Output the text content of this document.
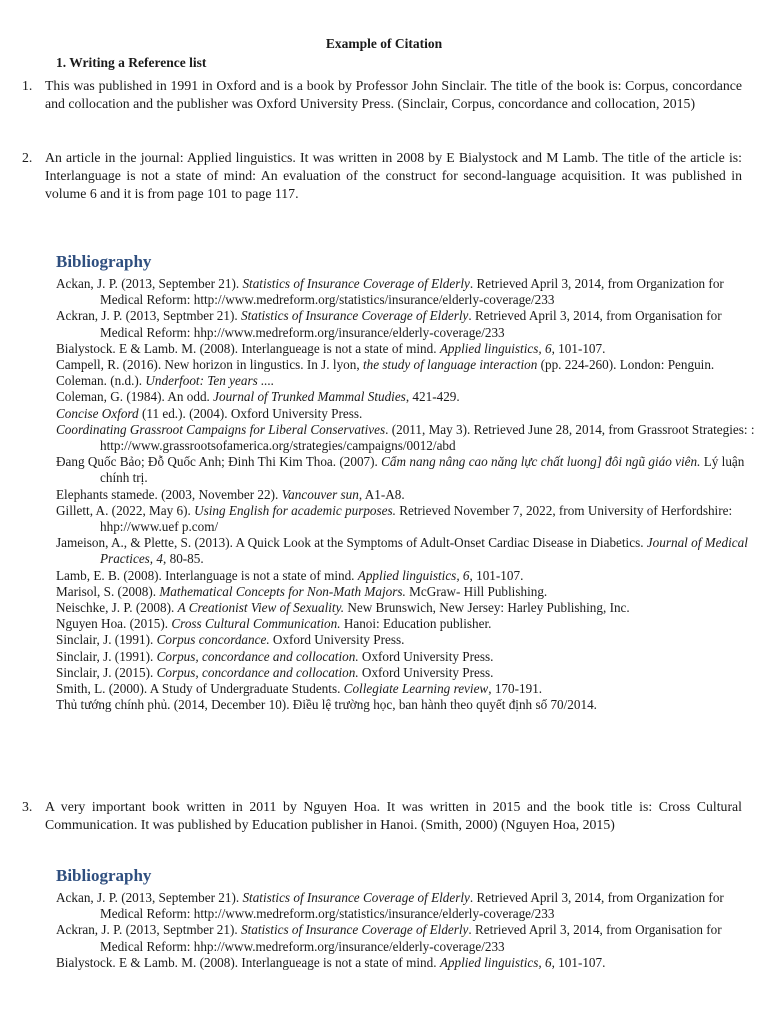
Example of Citation
1. Writing a Reference list
1. This was published in 1991 in Oxford and is a book by Professor John Sinclair. The title of the book is: Corpus, concordance and collocation and the publisher was Oxford University Press. (Sinclair, Corpus, concordance and collocation, 2015)
2. An article in the journal: Applied linguistics. It was written in 2008 by E Bialystock and M Lamb. The title of the article is: Interlanguage is not a state of mind: An evaluation of the construct for second-language acquisition. It was published in volume 6 and it is from page 101 to page 117.
Bibliography

Ackan, J. P. (2013, September 21). Statistics of Insurance Coverage of Elderly. Retrieved April 3, 2014, from Organization for Medical Reform: http://www.medreform.org/statistics/insurance/elderly-coverage/233

Ackran, J. P. (2013, Septmber 21). Statistics of Insurance Coverage of Elderly. Retrieved April 3, 2014, from Organisation for Medical Reform: hhp://www.medreform.org/insurance/elderly-coverage/233

Bialystock. E & Lamb. M. (2008). Interlangueage is not a state of mind. Applied linguistics, 6, 101-107.

Campell, R. (2016). New horizon in lingustics. In J. lyon, the study of language interaction (pp. 224-260). London: Penguin.

Coleman. (n.d.). Underfoot: Ten years ....

Coleman, G. (1984). An odd. Journal of Trunked Mammal Studies, 421-429.

Concise Oxford (11 ed.). (2004). Oxford University Press.

Coordinating Grassroot Campaigns for Liberal Conservatives. (2011, May 3). Retrieved June 28, 2014, from Grassroot Strategies: : http://www.grassrootsofamerica.org/strategies/campaigns/0012/abd

Đang Quốc Bảo; Đỗ Quốc Anh; Đinh Thi Kim Thoa. (2007). Cẩm nang nâng cao năng lực chất luong] đôi ngũ giáo viên. Lý luận chính trị.

Elephants stamede. (2003, November 22). Vancouver sun, A1-A8.

Gillett, A. (2022, May 6). Using English for academic purposes. Retrieved November 7, 2022, from University of Herfordshire: hhp://www.uef p.com/

Jameison, A., & Plette, S. (2013). A Quick Look at the Symptoms of Adult-Onset Cardiac Disease in Diabetics. Journal of Medical Practices, 4, 80-85.

Lamb, E. B. (2008). Interlanguage is not a state of mind. Applied linguistics, 6, 101-107.

Marisol, S. (2008). Mathematical Concepts for Non-Math Majors. McGraw- Hill Publishing.

Neischke, J. P. (2008). A Creationist View of Sexuality. New Brunswich, New Jersey: Harley Publishing, Inc.

Nguyen Hoa. (2015). Cross Cultural Communication. Hanoi: Education publisher.

Sinclair, J. (1991). Corpus concordance. Oxford University Press.

Sinclair, J. (1991). Corpus, concordance and collocation. Oxford University Press.

Sinclair, J. (2015). Corpus, concordance and collocation. Oxford University Press.

Smith, L. (2000). A Study of Undergraduate Students. Collegiate Learning review, 170-191.

Thủ tướng chính phủ. (2014, December 10). Điều lệ trường học, ban hành theo quyết định số 70/2014.

3. A very important book written in 2011 by Nguyen Hoa. It was written in 2015 and the book title is: Cross Cultural Communication. It was published by Education publisher in Hanoi. (Smith, 2000) (Nguyen Hoa, 2015)
Bibliography

Ackan, J. P. (2013, September 21). Statistics of Insurance Coverage of Elderly. Retrieved April 3, 2014, from Organization for Medical Reform: http://www.medreform.org/statistics/insurance/elderly-coverage/233

Ackran, J. P. (2013, Septmber 21). Statistics of Insurance Coverage of Elderly. Retrieved April 3, 2014, from Organisation for Medical Reform: hhp://www.medreform.org/insurance/elderly-coverage/233

Bialystock. E & Lamb. M. (2008). Interlangueage is not a state of mind. Applied linguistics, 6, 101-107.
